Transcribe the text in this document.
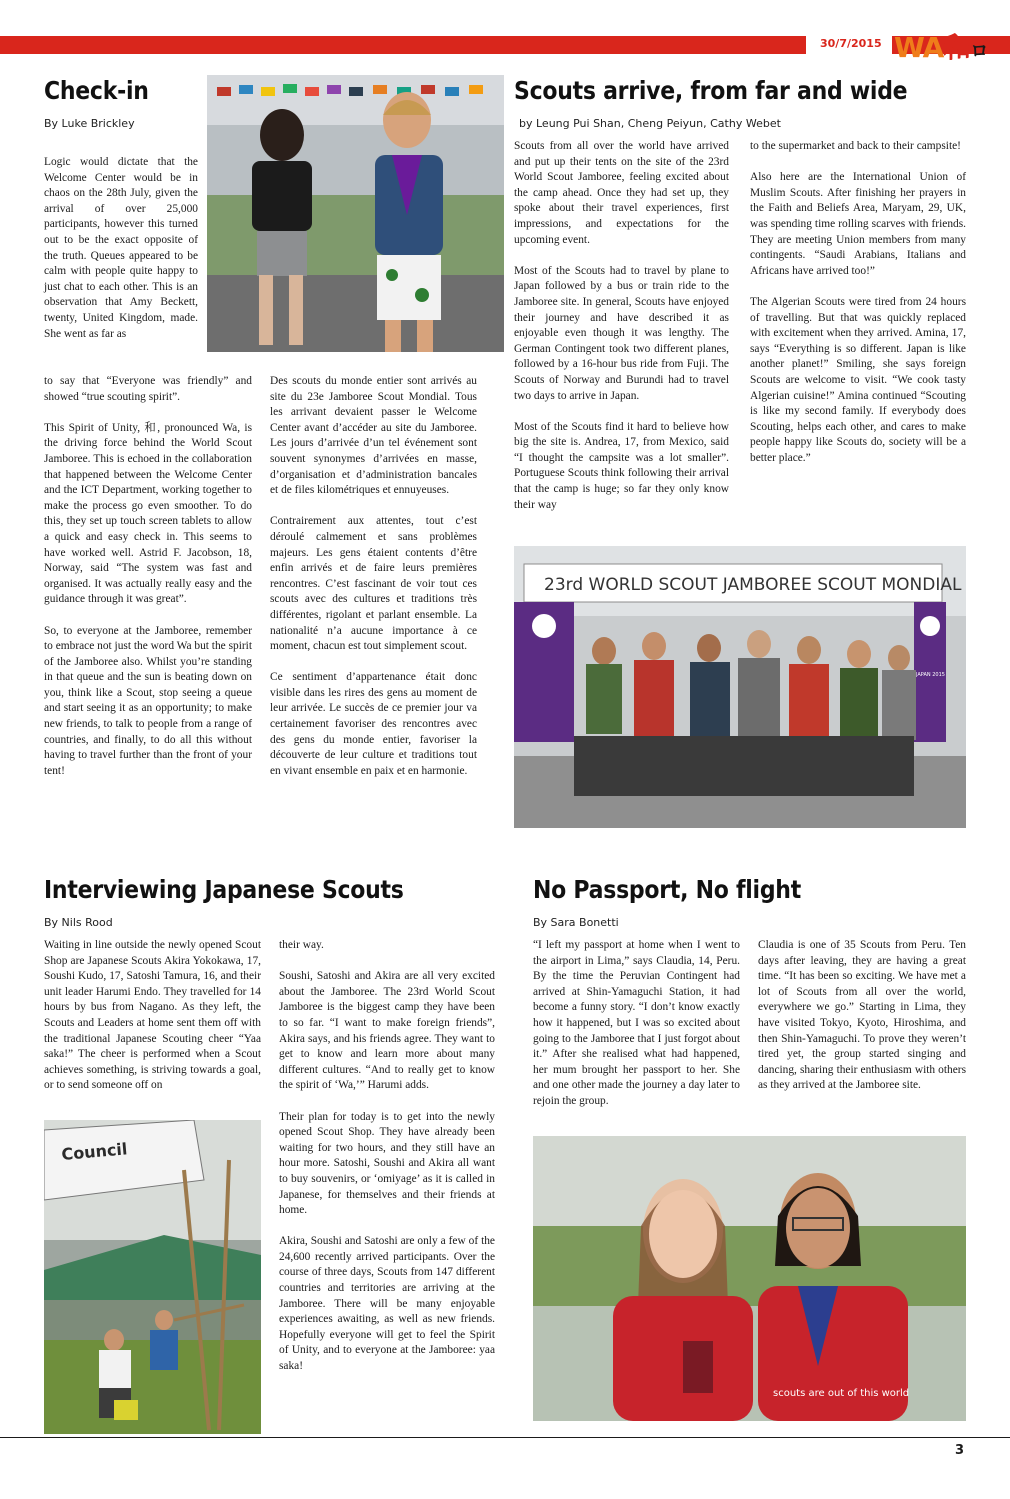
30/7/2015 WA和ロ
Check-in
By Luke Brickley

Logic would dictate that the Welcome Center would be in chaos on the 28th July, given the arrival of over 25,000 participants, however this turned out to be the exact opposite of the truth. Queues appeared to be calm with people quite happy to just chat to each other. This is an observation that Amy Beckett, twenty, United Kingdom, made. She went as far as

to say that “Everyone was friendly” and showed “true scouting spirit”.

This Spirit of Unity, 和, pronounced Wa, is the driving force behind the World Scout Jamboree. This is echoed in the collaboration that happened between the Welcome Center and the ICT Department, working together to make the process go even smoother. To do this, they set up touch screen tablets to allow a quick and easy check in. This seems to have worked well. Astrid F. Jacobson, 18, Norway, said “The system was fast and organised. It was actually really easy and the guidance through it was great”.

So, to everyone at the Jamboree, remember to embrace not just the word Wa but the spirit of the Jamboree also. Whilst you’re standing in that queue and the sun is beating down on you, think like a Scout, stop seeing a queue and start seeing it as an opportunity; to make new friends, to talk to people from a range of countries, and finally, to do all this without having to travel further than the front of your tent!

Des scouts du monde entier sont arrivés au site du 23e Jamboree Scout Mondial. Tous les arrivant devaient passer le Welcome Center avant d’accéder au site du Jamboree. Les jours d’arrivée d’un tel événement sont souvent synonymes d’arrivées en masse, d’organisation et d’administration bancales et de files kilométriques et ennuyeuses.

Contrairement aux attentes, tout c’est déroulé calmement et sans problèmes majeurs. Les gens étaient contents d’être enfin arrivés et de faire leurs premières rencontres. C’est fascinant de voir tout ces scouts avec des cultures et traditions très différentes, rigolant et parlant ensemble. La nationalité n’a aucune importance à ce moment, chacun est tout simplement scout.

Ce sentiment d’appartenance était donc visible dans les rires des gens au moment de leur arrivée. Le succès de ce premier jour va certainement favoriser des rencontres avec des gens du monde entier, favoriser la découverte de leur culture et traditions tout en vivant ensemble en paix et en harmonie.

Scouts arrive, from far and wide
by Leung Pui Shan, Cheng Peiyun, Cathy Webet

Scouts from all over the world have arrived and put up their tents on the site of the 23rd World Scout Jamboree, feeling excited about the camp ahead. Once they had set up, they spoke about their travel experiences, first impressions, and expectations for the upcoming event.

Most of the Scouts had to travel by plane to Japan followed by a bus or train ride to the Jamboree site. In general, Scouts have enjoyed their journey and have described it as enjoyable even though it was lengthy. The German Contingent took two different planes, followed by a 16-hour bus ride from Fuji. The Scouts of Norway and Burundi had to travel two days to arrive in Japan.

Most of the Scouts find it hard to believe how big the site is. Andrea, 17, from Mexico, said “I thought the campsite was a lot smaller”. Portuguese Scouts think following their arrival that the camp is huge; so far they only know their way

to the supermarket and back to their campsite!

Also here are the International Union of Muslim Scouts. After finishing her prayers in the Faith and Beliefs Area, Maryam, 29, UK, was spending time rolling scarves with friends. They are meeting Union members from many contingents. “Saudi Arabians, Italians and Africans have arrived too!”

The Algerian Scouts were tired from 24 hours of travelling. But that was quickly replaced with excitement when they arrived. Amina, 17, says “Everything is so different. Japan is like another planet!” Smiling, she says foreign Scouts are welcome to visit. “We cook tasty Algerian cuisine!” Amina continued “Scouting is like my second family. If everybody does Scouting, helps each other, and cares to make people happy like Scouts do, society will be a better place.”

23rd WORLD SCOUT JAMBOREE SCOUT MONDIAL
JAPAN 2015
Interviewing Japanese Scouts
By Nils Rood

Waiting in line outside the newly opened Scout Shop are Japanese Scouts Akira Yokokawa, 17, Soushi Kudo, 17, Satoshi Tamura, 16, and their unit leader Harumi Endo. They travelled for 14 hours by bus from Nagano. As they left, the Scouts and Leaders at home sent them off with the traditional Japanese Scouting cheer “Yaa saka!” The cheer is performed when a Scout achieves something, is striving towards a goal, or to send someone off on

Council

their way.

Soushi, Satoshi and Akira are all very excited about the Jamboree. The 23rd World Scout Jamboree is the biggest camp they have been to so far. “I want to make foreign friends”, Akira says, and his friends agree. They want to get to know and learn more about many different cultures. “And to really get to know the spirit of ‘Wa,’” Harumi adds.

Their plan for today is to get into the newly opened Scout Shop. They have already been waiting for two hours, and they still have an hour more. Satoshi, Soushi and Akira all want to buy souvenirs, or ‘omiyage’ as it is called in Japanese, for themselves and their friends at home.

Akira, Soushi and Satoshi are only a few of the 24,600 recently arrived participants. Over the course of three days, Scouts from 147 different countries and territories are arriving at the Jamboree. There will be many enjoyable experiences awaiting, as well as new friends. Hopefully everyone will get to feel the Spirit of Unity, and to everyone at the Jamboree: yaa saka!

No Passport, No flight
By Sara Bonetti

“I left my passport at home when I went to the airport in Lima,” says Claudia, 14, Peru. By the time the Peruvian Contingent had arrived at Shin-Yamaguchi Station, it had become a funny story. “I don’t know exactly how it happened, but I was so excited about going to the Jamboree that I just forgot about it.” After she realised what had happened, her mum brought her passport to her. She and one other made the journey a day later to rejoin the group.

Claudia is one of 35 Scouts from Peru. Ten days after leaving, they are having a great time. “It has been so exciting. We have met a lot of Scouts from all over the world, everywhere we go.” Starting in Lima, they have visited Tokyo, Kyoto, Hiroshima, and then Shin-Yamaguchi. To prove they weren’t tired yet, the group started singing and dancing, sharing their enthusiasm with others as they arrived at the Jamboree site.

scouts are out of this world
3
